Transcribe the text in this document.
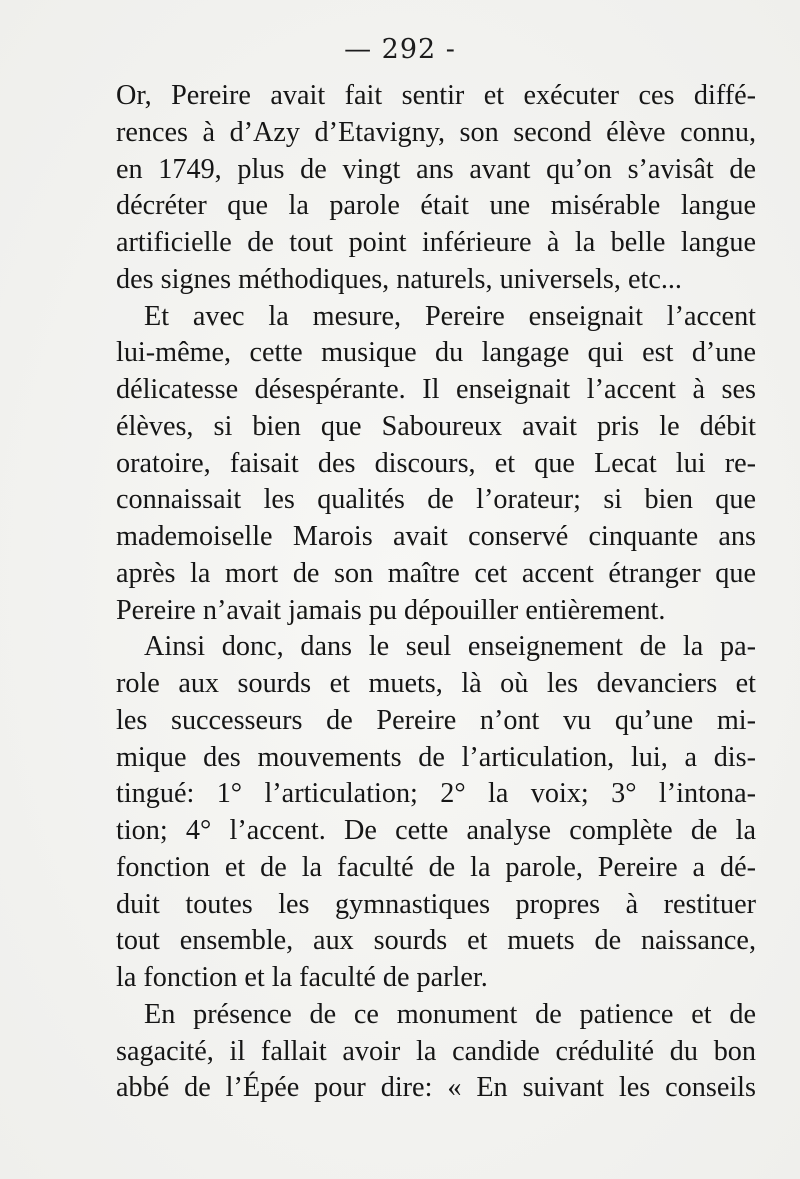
— 292 -
Or, Pereire avait fait sentir et exécuter ces diffé-
rences à d’Azy d’Etavigny, son second élève connu,
en 1749, plus de vingt ans avant qu’on s’avisât de
décréter que la parole était une misérable langue
artificielle de tout point inférieure à la belle langue
des signes méthodiques, naturels, universels, etc...
Et avec la mesure, Pereire enseignait l’accent
lui-même, cette musique du langage qui est d’une
délicatesse désespérante. Il enseignait l’accent à ses
élèves, si bien que Saboureux avait pris le débit
oratoire, faisait des discours, et que Lecat lui re-
connaissait les qualités de l’orateur; si bien que
mademoiselle Marois avait conservé cinquante ans
après la mort de son maître cet accent étranger que
Pereire n’avait jamais pu dépouiller entièrement.
Ainsi donc, dans le seul enseignement de la pa-
role aux sourds et muets, là où les devanciers et
les successeurs de Pereire n’ont vu qu’une mi-
mique des mouvements de l’articulation, lui, a dis-
tingué: 1° l’articulation; 2° la voix; 3° l’intona-
tion; 4° l’accent. De cette analyse complète de la
fonction et de la faculté de la parole, Pereire a dé-
duit toutes les gymnastiques propres à restituer
tout ensemble, aux sourds et muets de naissance,
la fonction et la faculté de parler.
En présence de ce monument de patience et de
sagacité, il fallait avoir la candide crédulité du bon
abbé de l’Épée pour dire: « En suivant les conseils
